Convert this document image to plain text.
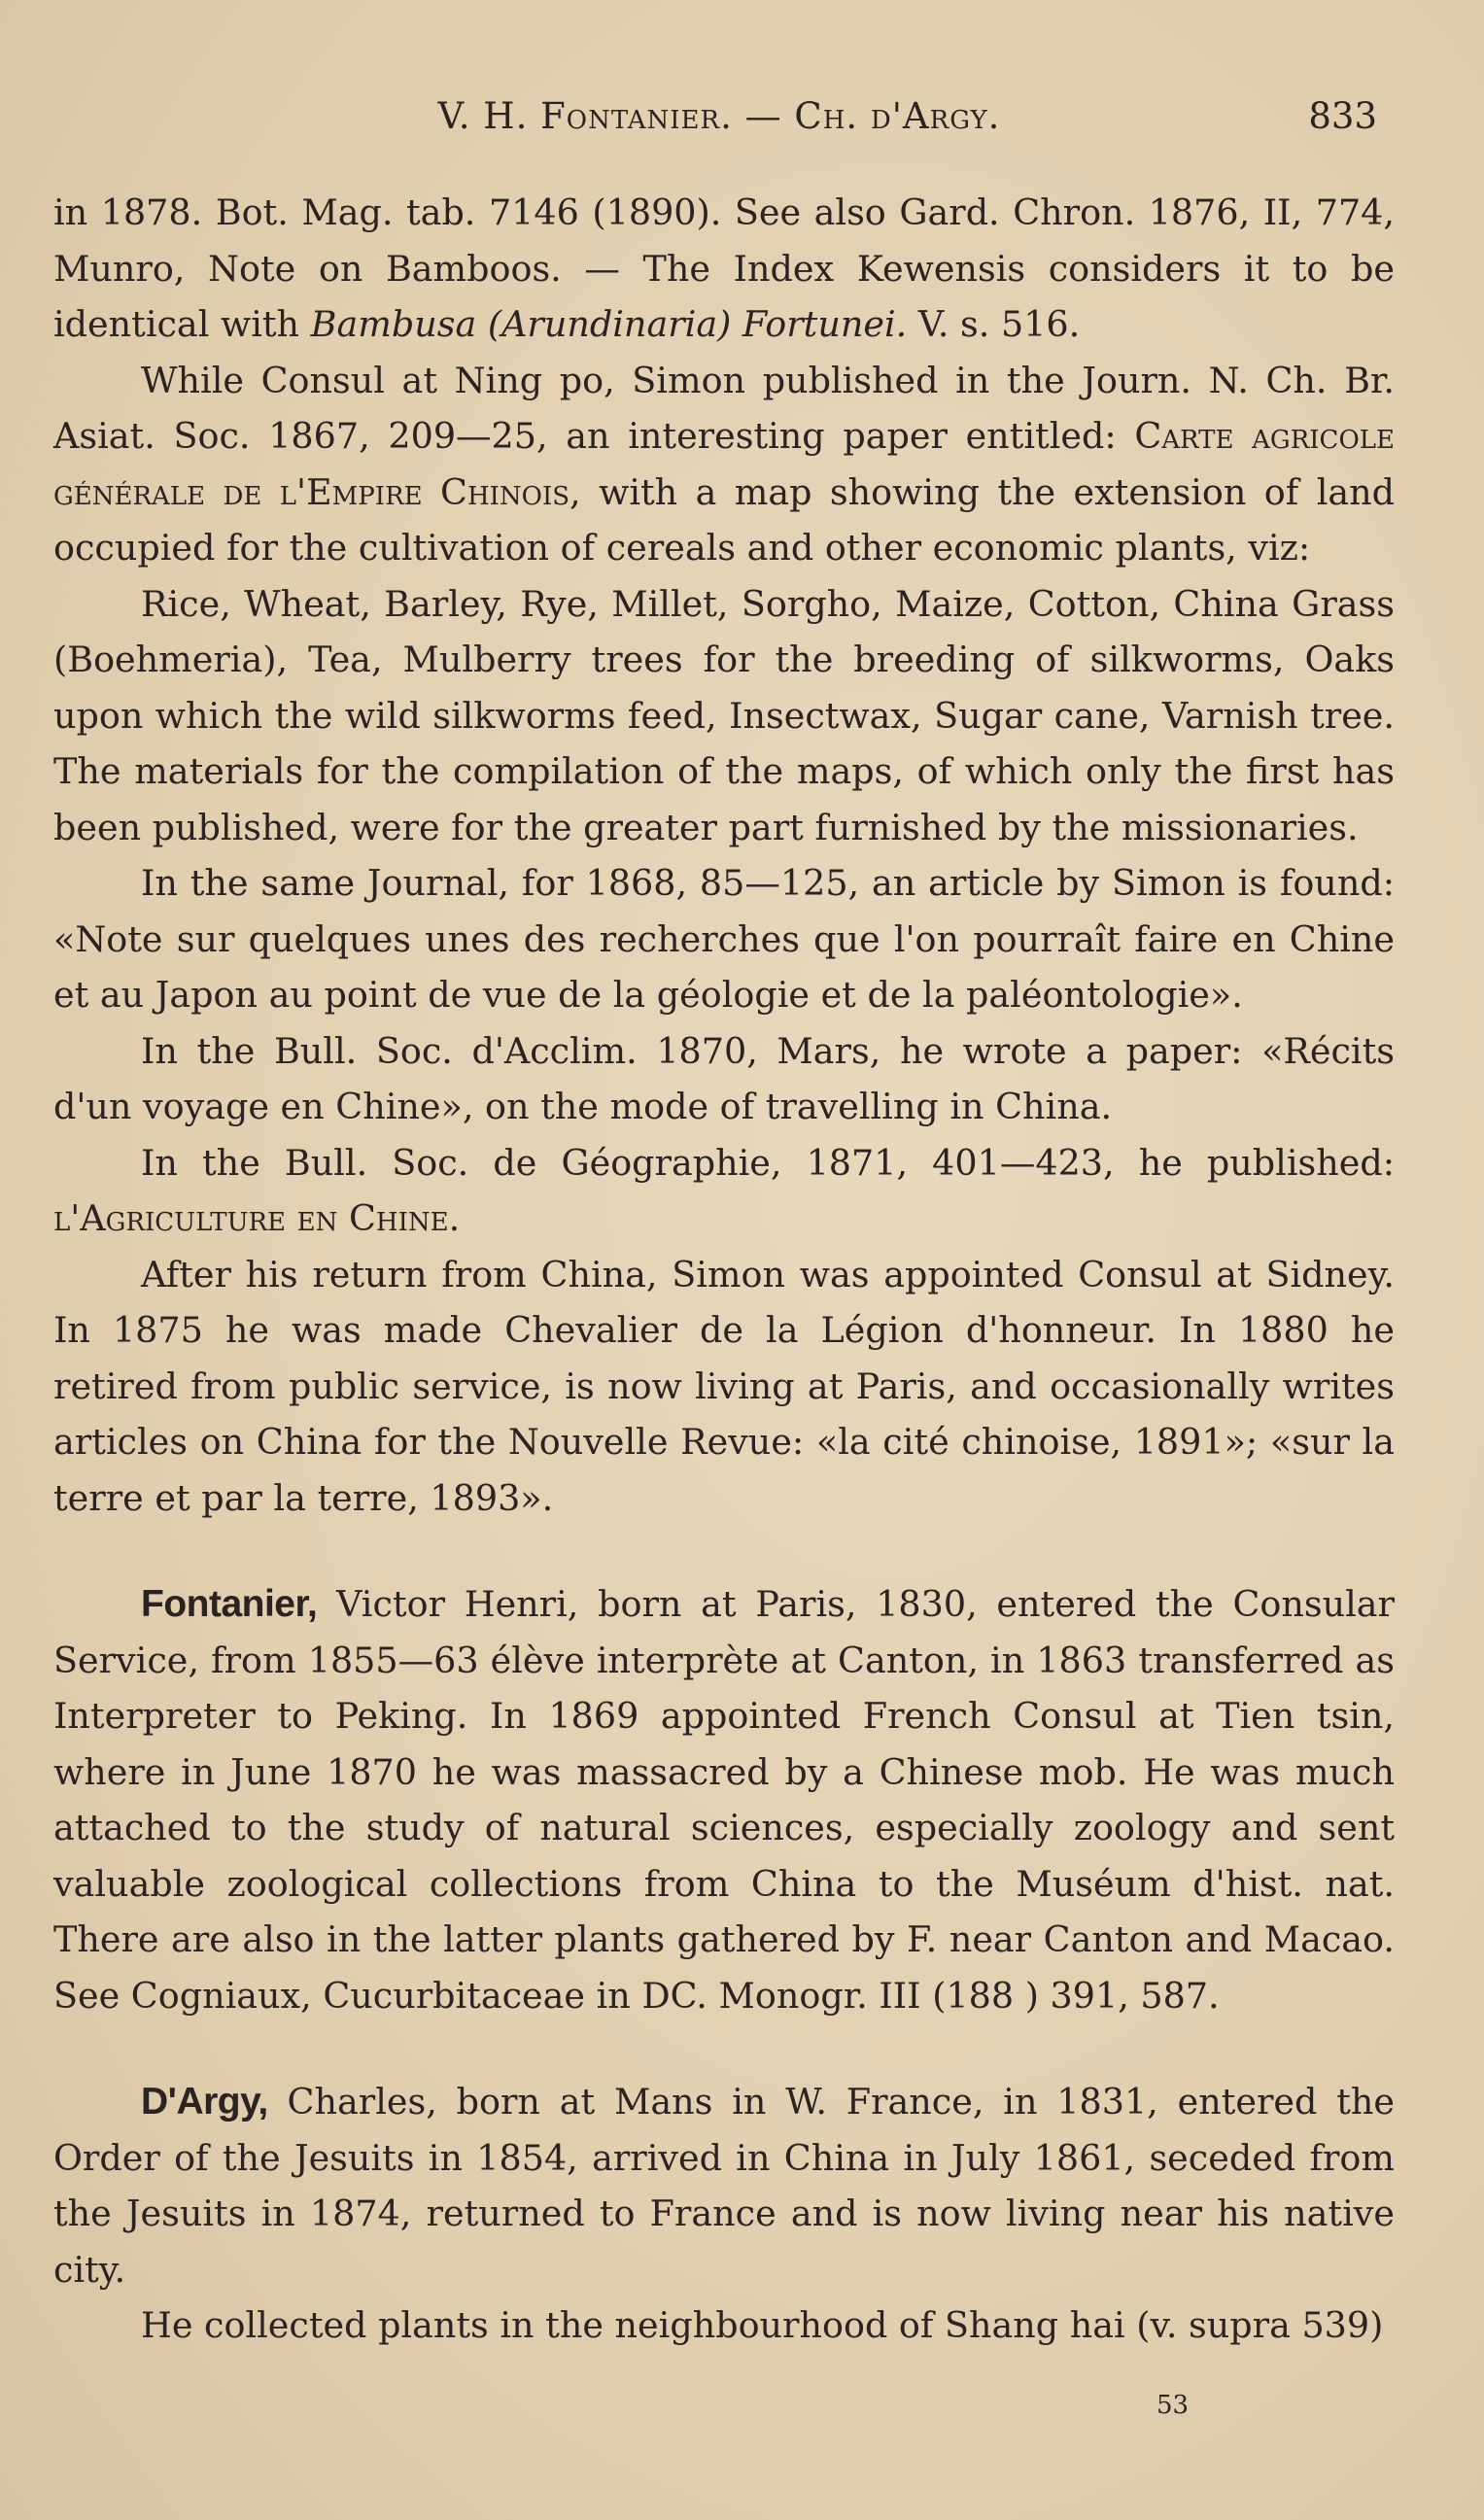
V. H. Fontanier. — Ch. d'Argy.	833

in 1878. Bot. Mag. tab. 7146 (1890). See also Gard. Chron. 1876, II, 774, Munro, Note on Bamboos. — The Index Kewensis considers it to be identical with Bambusa (Arundinaria) Fortunei. V. s. 516.

While Consul at Ning po, Simon published in the Journ. N. Ch. Br. Asiat. Soc. 1867, 209—25, an interesting paper entitled: Carte agricole générale de l'Empire Chinois, with a map showing the extension of land occupied for the cultivation of cereals and other economic plants, viz:

Rice, Wheat, Barley, Rye, Millet, Sorgho, Maize, Cotton, China Grass (Boehmeria), Tea, Mulberry trees for the breeding of silkworms, Oaks upon which the wild silkworms feed, Insectwax, Sugar cane, Varnish tree. The materials for the compilation of the maps, of which only the first has been published, were for the greater part furnished by the missionaries.

In the same Journal, for 1868, 85—125, an article by Simon is found: «Note sur quelques unes des recherches que l'on pourraît faire en Chine et au Japon au point de vue de la géologie et de la paléontologie».

In the Bull. Soc. d'Acclim. 1870, Mars, he wrote a paper: «Récits d'un voyage en Chine», on the mode of travelling in China.

In the Bull. Soc. de Géographie, 1871, 401—423, he published: l'Agriculture en Chine.

After his return from China, Simon was appointed Consul at Sidney. In 1875 he was made Chevalier de la Légion d'honneur. In 1880 he retired from public service, is now living at Paris, and occasionally writes articles on China for the Nouvelle Revue: «la cité chinoise, 1891»; «sur la terre et par la terre, 1893».

Fontanier, Victor Henri, born at Paris, 1830, entered the Consular Service, from 1855—63 élève interprète at Canton, in 1863 transferred as Interpreter to Peking. In 1869 appointed French Consul at Tien tsin, where in June 1870 he was massacred by a Chinese mob. He was much attached to the study of natural sciences, especially zoology and sent valuable zoological collections from China to the Muséum d'hist. nat. There are also in the latter plants gathered by F. near Canton and Macao. See Cogniaux, Cucurbitaceae in DC. Monogr. III (188 ) 391, 587.

D'Argy, Charles, born at Mans in W. France, in 1831, entered the Order of the Jesuits in 1854, arrived in China in July 1861, seceded from the Jesuits in 1874, returned to France and is now living near his native city.

He collected plants in the neighbourhood of Shang hai (v. supra 539)

53
